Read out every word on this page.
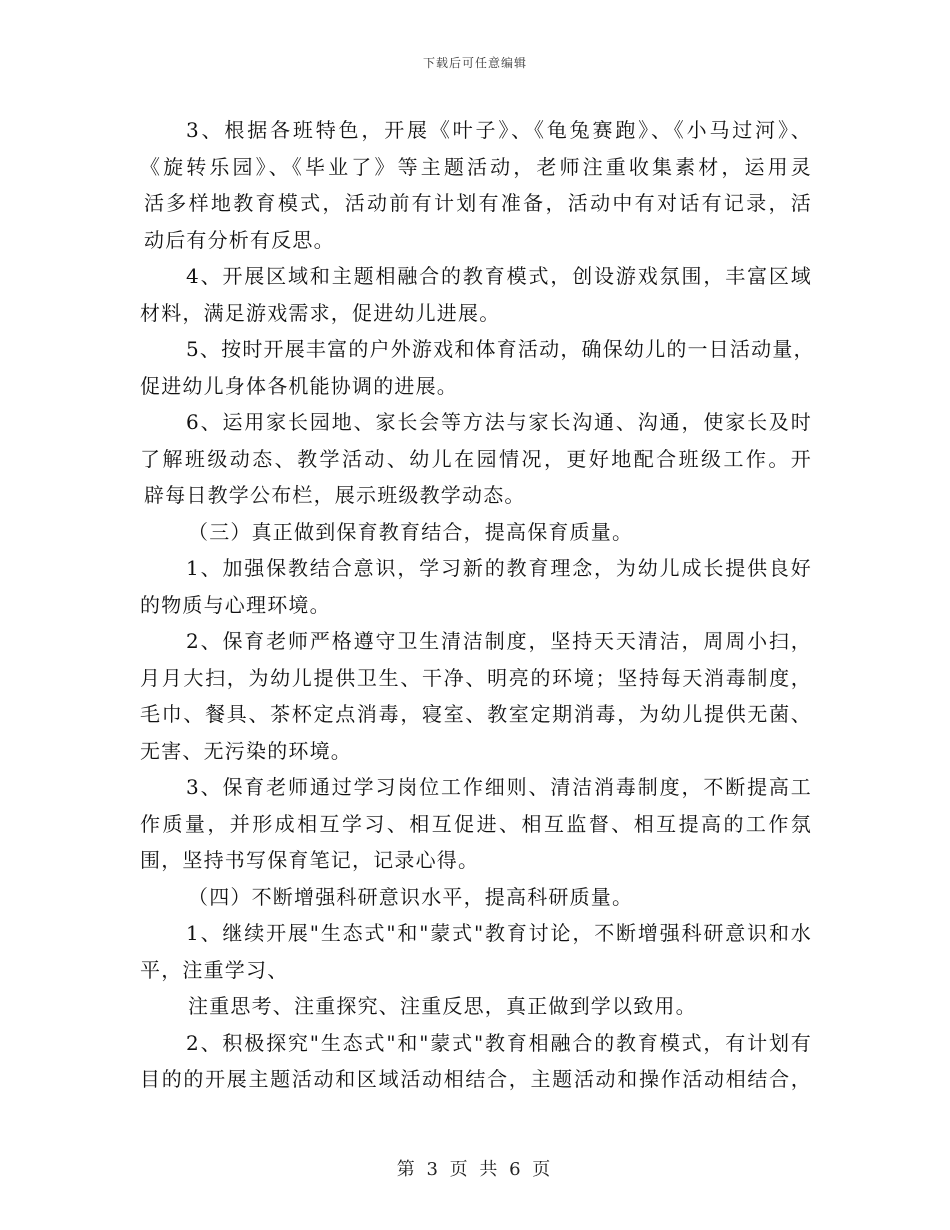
下载后可任意编辑
3、根据各班特色，开展《叶子》、《龟兔赛跑》、《小马过河》、
《旋转乐园》、《毕业了》等主题活动，老师注重收集素材，运用灵
活多样地教育模式，活动前有计划有准备，活动中有对话有记录，活
动后有分析有反思。
4、开展区域和主题相融合的教育模式，创设游戏氛围，丰富区域
材料，满足游戏需求，促进幼儿进展。
5、按时开展丰富的户外游戏和体育活动，确保幼儿的一日活动量，
促进幼儿身体各机能协调的进展。
6、运用家长园地、家长会等方法与家长沟通、沟通，使家长及时
了解班级动态、教学活动、幼儿在园情况，更好地配合班级工作。开
辟每日教学公布栏，展示班级教学动态。
（三）真正做到保育教育结合，提高保育质量。
1、加强保教结合意识，学习新的教育理念，为幼儿成长提供良好
的物质与心理环境。
2、保育老师严格遵守卫生清洁制度，坚持天天清洁，周周小扫，
月月大扫，为幼儿提供卫生、干净、明亮的环境；坚持每天消毒制度，
毛巾、餐具、茶杯定点消毒，寝室、教室定期消毒，为幼儿提供无菌、
无害、无污染的环境。
3、保育老师通过学习岗位工作细则、清洁消毒制度，不断提高工
作质量，并形成相互学习、相互促进、相互监督、相互提高的工作氛
围，坚持书写保育笔记，记录心得。
（四）不断增强科研意识水平，提高科研质量。
1、继续开展"生态式"和"蒙式"教育讨论，不断增强科研意识和水
平，注重学习、
注重思考、注重探究、注重反思，真正做到学以致用。
2、积极探究"生态式"和"蒙式"教育相融合的教育模式，有计划有
目的的开展主题活动和区域活动相结合，主题活动和操作活动相结合，
第 3 页 共 6 页
